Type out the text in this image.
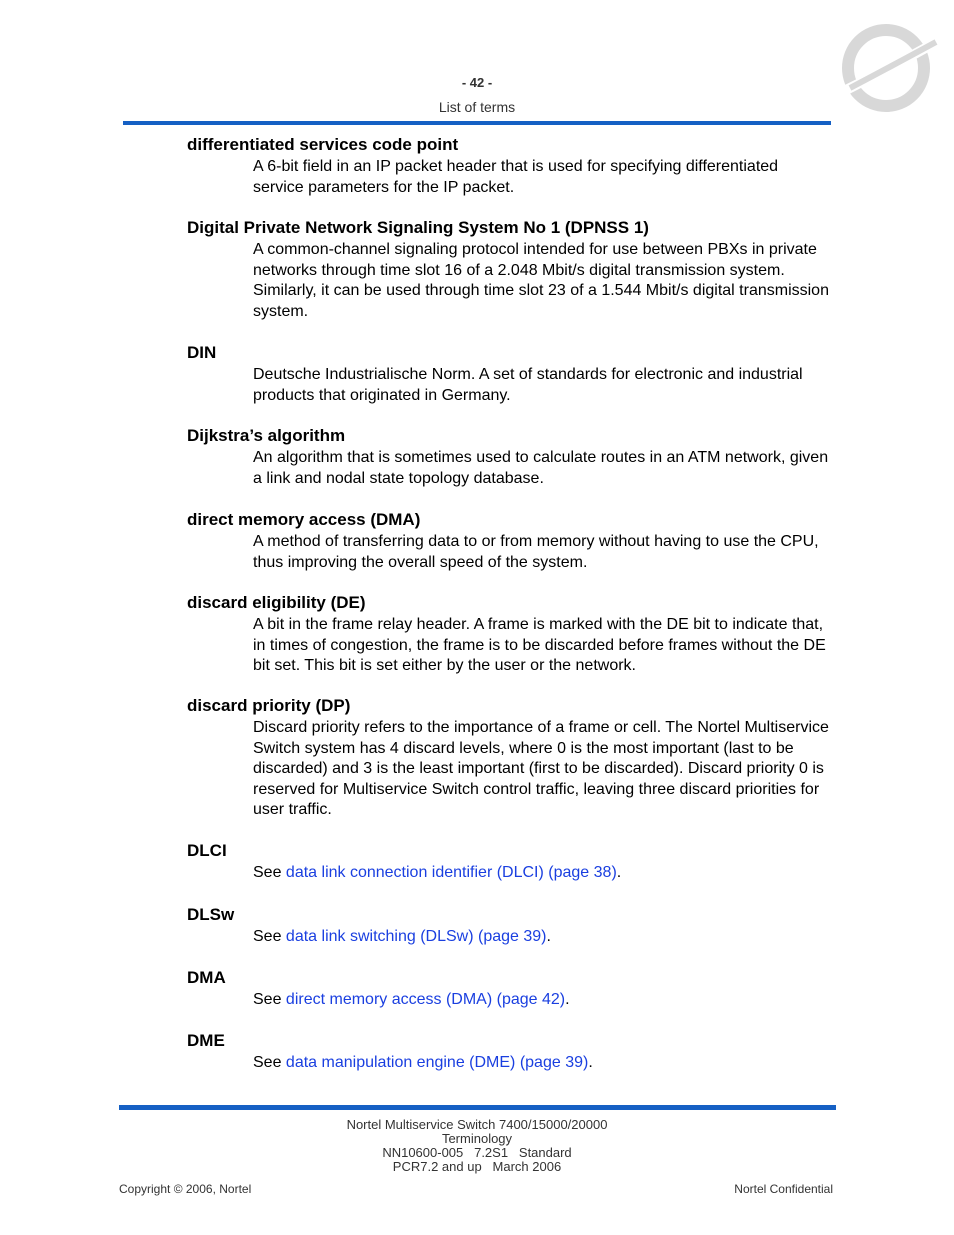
- 42 -
List of terms
differentiated services code point
A 6-bit field in an IP packet header that is used for specifying differentiated service parameters for the IP packet.
Digital Private Network Signaling System No 1 (DPNSS 1)
A common-channel signaling protocol intended for use between PBXs in private networks through time slot 16 of a 2.048 Mbit/s digital transmission system. Similarly, it can be used through time slot 23 of a 1.544 Mbit/s digital transmission system.
DIN
Deutsche Industrialische Norm. A set of standards for electronic and industrial products that originated in Germany.
Dijkstra’s algorithm
An algorithm that is sometimes used to calculate routes in an ATM network, given a link and nodal state topology database.
direct memory access (DMA)
A method of transferring data to or from memory without having to use the CPU, thus improving the overall speed of the system.
discard eligibility (DE)
A bit in the frame relay header. A frame is marked with the DE bit to indicate that, in times of congestion, the frame is to be discarded before frames without the DE bit set. This bit is set either by the user or the network.
discard priority (DP)
Discard priority refers to the importance of a frame or cell. The Nortel Multiservice Switch system has 4 discard levels, where 0 is the most important (last to be discarded) and 3 is the least important (first to be discarded). Discard priority 0 is reserved for Multiservice Switch control traffic, leaving three discard priorities for user traffic.
DLCI
See data link connection identifier (DLCI) (page 38).
DLSw
See data link switching (DLSw) (page 39).
DMA
See direct memory access (DMA) (page 42).
DME
See data manipulation engine (DME) (page 39).
Nortel Multiservice Switch 7400/15000/20000
Terminology
NN10600-005   7.2S1   Standard
PCR7.2 and up   March 2006
Copyright © 2006, Nortel	Nortel Confidential
